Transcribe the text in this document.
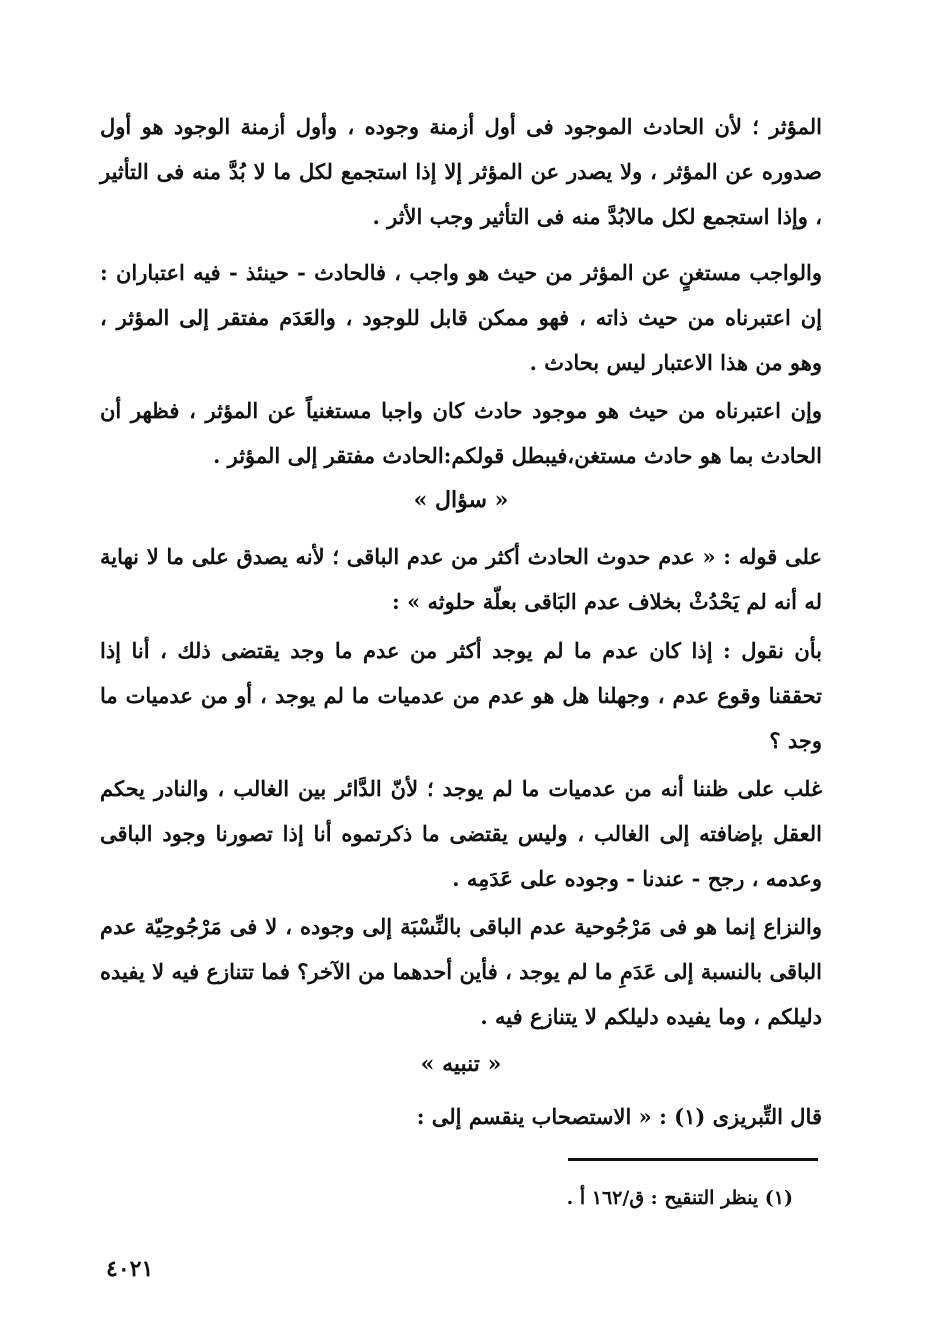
المؤثر ؛ لأن الحادث الموجود فى أول أزمنة وجوده ، وأول أزمنة الوجود هو أول صدوره عن المؤثر ، ولا يصدر عن المؤثر إلا إذا استجمع لكل ما لا بُدَّ منه فى التأثير ، وإذا استجمع لكل مالابُدَّ منه فى التأثير وجب الأثر .

والواجب مستغنٍ عن المؤثر من حيث هو واجب ، فالحادث - حينئذ - فيه اعتباران : إن اعتبرناه من حيث ذاته ، فهو ممكن قابل للوجود ، والعَدَم مفتقر إلى المؤثر ، وهو من هذا الاعتبار ليس بحادث .

وإن اعتبرناه من حيث هو موجود حادث كان واجبا مستغنياً عن المؤثر ، فظهر أن الحادث بما هو حادث مستغن،فيبطل قولكم:الحادث مفتقر إلى المؤثر .

« سؤال »

على قوله : « عدم حدوث الحادث أكثر من عدم الباقى ؛ لأنه يصدق على ما لا نهاية له أنه لم يَحْدُثْ بخلاف عدم البَاقى بعلّة حلوثه » :

بأن نقول : إذا كان عدم ما لم يوجد أكثر من عدم ما وجد يقتضى ذلك ، أنا إذا تحققنا وقوع عدم ، وجهلنا هل هو عدم من عدميات ما لم يوجد ، أو من عدميات ما وجد ؟

غلب على ظننا أنه من عدميات ما لم يوجد ؛ لأنّ الدَّائر بين الغالب ، والنادر يحكم العقل بإضافته إلى الغالب ، وليس يقتضى ما ذكرتموه أنا إذا تصورنا وجود الباقى وعدمه ، رجح - عندنا - وجوده على عَدَمِه .

والنزاع إنما هو فى مَرْجُوحية عدم الباقى بالنِّسْبَة إلى وجوده ، لا فى مَرْجُوحِيّة عدم الباقى بالنسبة إلى عَدَمِ ما لم يوجد ، فأين أحدهما من الآخر؟ فما تتنازع فيه لا يفيده دليلكم ، وما يفيده دليلكم لا يتنازع فيه .

« تنبيه »

قال التِّبريزى (١) : « الاستصحاب ينقسم إلى :

(١) ينظر التنقيح : ق/١٦٢ أ .

٤٠٢١
